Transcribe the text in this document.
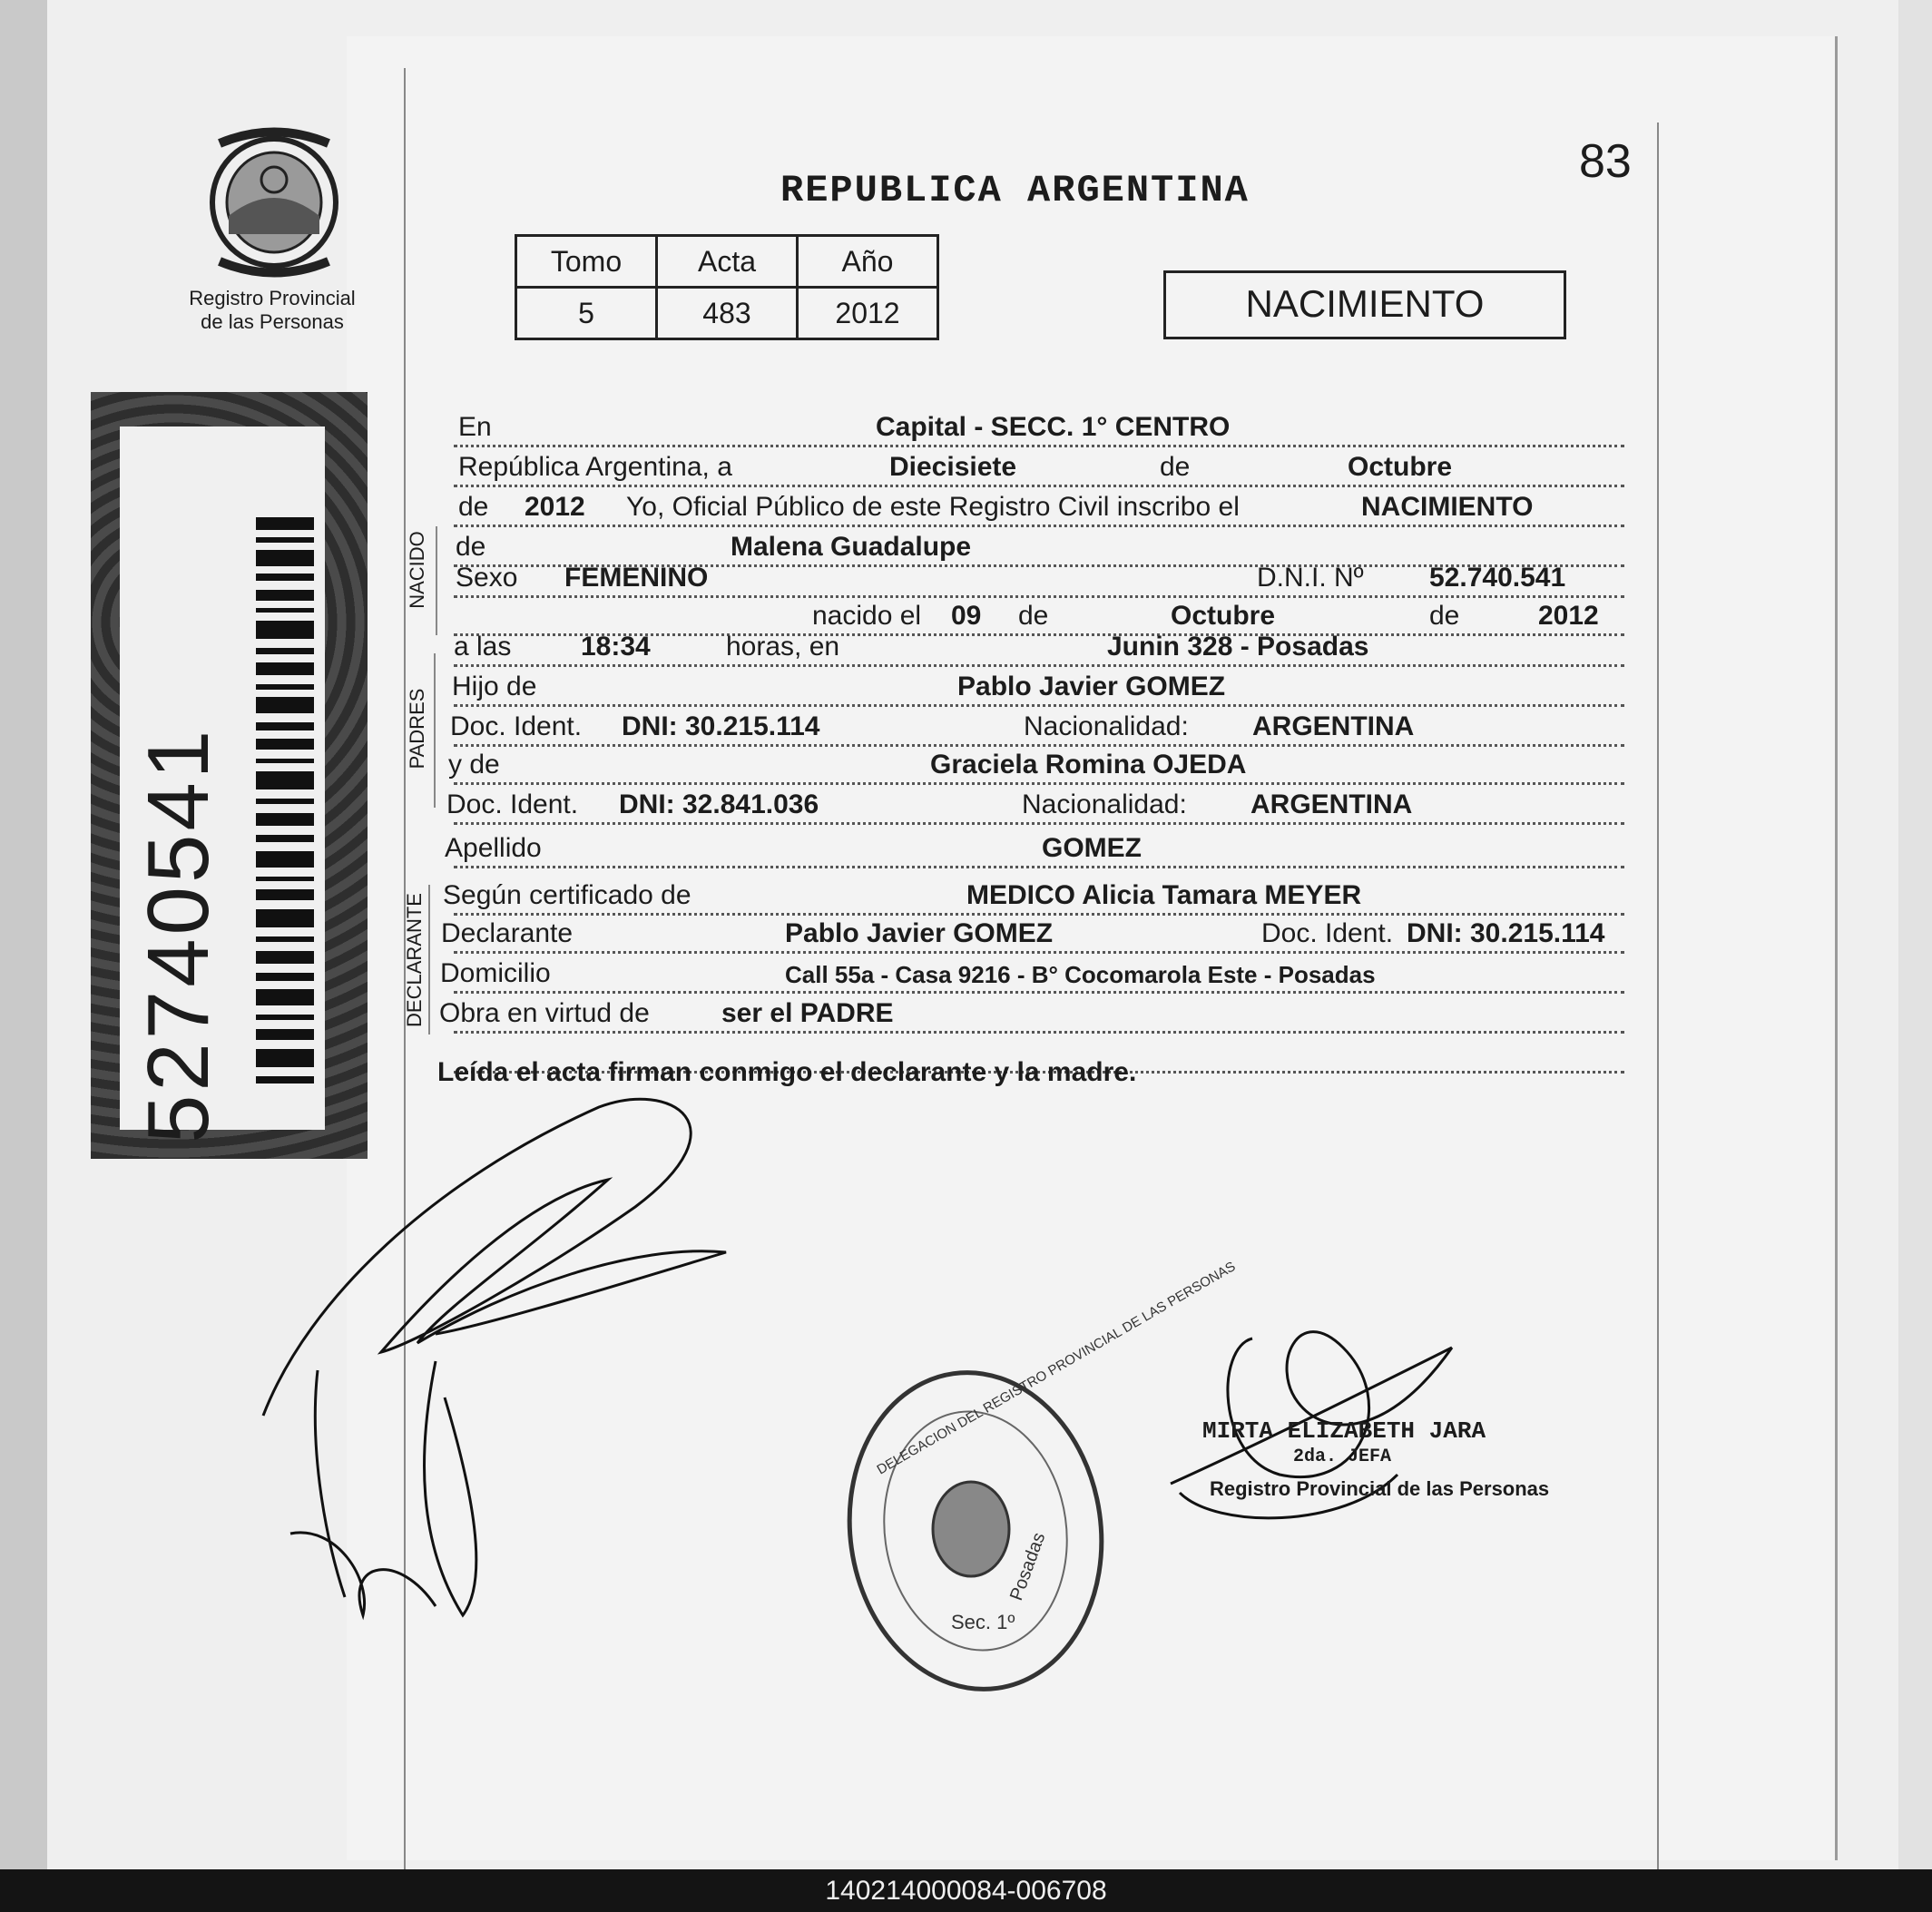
Registro Provincial
de las Personas
52740541
REPUBLICA ARGENTINA
83
Tomo	Acta	Año
5	483	2012	NACIMIENTO
NACIDO
PADRES
DECLARANTE
En	Capital - SECC. 1° CENTRO
República Argentina, a	Diecisiete	de	Octubre
de 2012 Yo, Oficial Público de este Registro Civil inscribo el	NACIMIENTO
de	Malena Guadalupe
Sexo FEMENINO	D.N.I. Nº 52.740.541
nacido el 09 de	Octubre	de	2012
a las	18:34	horas, en	Junin 328 - Posadas
Hijo de	Pablo Javier GOMEZ
Doc. Ident. DNI: 30.215.114	Nacionalidad: ARGENTINA
y de	Graciela Romina OJEDA
Doc. Ident. DNI: 32.841.036	Nacionalidad: ARGENTINA
Apellido	GOMEZ
Según certificado de	MEDICO Alicia Tamara MEYER
Declarante	Pablo Javier GOMEZ	Doc. Ident. DNI: 30.215.114
Domicilio	Call 55a - Casa 9216 - B° Cocomarola Este - Posadas
Obra en virtud de	ser el PADRE
Leída el acta firman conmigo el declarante y la madre.
Sec. 1º
Posadas
DELEGACION DEL REGISTRO PROVINCIAL DE LAS PERSONAS
MIRTA ELIZABETH JARA
2da. JEFA
Registro Provincial de las Personas
140214000084-006708
